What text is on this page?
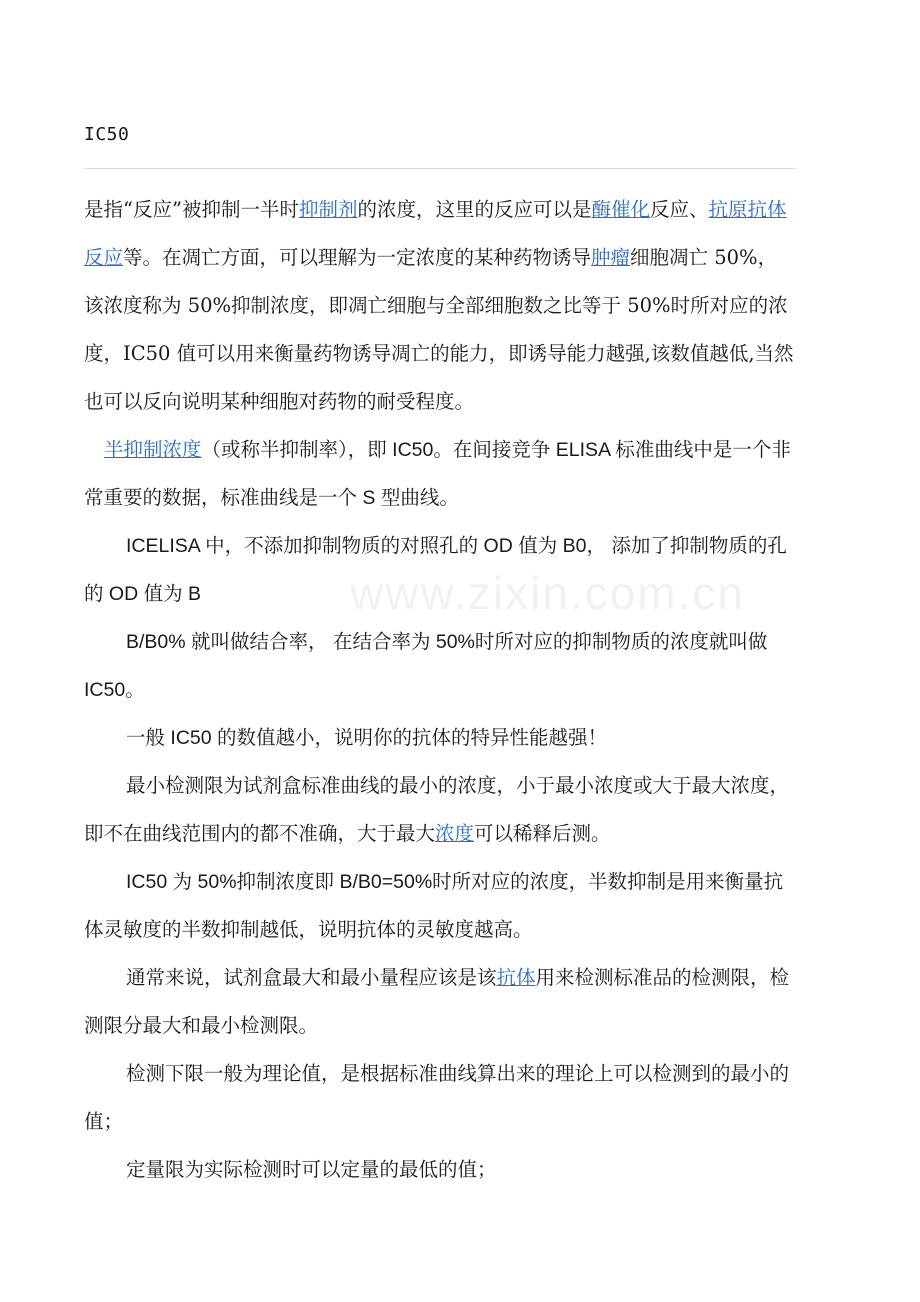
IC50
www.zixin.com.cn

是指“反应”被抑制一半时抑制剂的浓度，这里的反应可以是酶催化反应、抗原抗体反应等。在凋亡方面，可以理解为一定浓度的某种药物诱导肿瘤细胞凋亡 50%，该浓度称为 50%抑制浓度，即凋亡细胞与全部细胞数之比等于 50%时所对应的浓度，IC50 值可以用来衡量药物诱导凋亡的能力，即诱导能力越强,该数值越低,当然也可以反向说明某种细胞对药物的耐受程度。

半抑制浓度（或称半抑制率），即 IC50。在间接竞争 ELISA 标准曲线中是一个非常重要的数据，标准曲线是一个 S 型曲线。

ICELISA 中，不添加抑制物质的对照孔的 OD 值为 B0， 添加了抑制物质的孔的 OD 值为 B

B/B0% 就叫做结合率， 在结合率为 50%时所对应的抑制物质的浓度就叫做 IC50。

一般 IC50 的数值越小，说明你的抗体的特异性能越强！

最小检测限为试剂盒标准曲线的最小的浓度，小于最小浓度或大于最大浓度，即不在曲线范围内的都不准确，大于最大浓度可以稀释后测。

IC50 为 50%抑制浓度即 B/B0=50%时所对应的浓度，半数抑制是用来衡量抗体灵敏度的半数抑制越低，说明抗体的灵敏度越高。

通常来说，试剂盒最大和最小量程应该是该抗体用来检测标准品的检测限，检测限分最大和最小检测限。

检测下限一般为理论值，是根据标准曲线算出来的理论上可以检测到的最小的值；

定量限为实际检测时可以定量的最低的值；
